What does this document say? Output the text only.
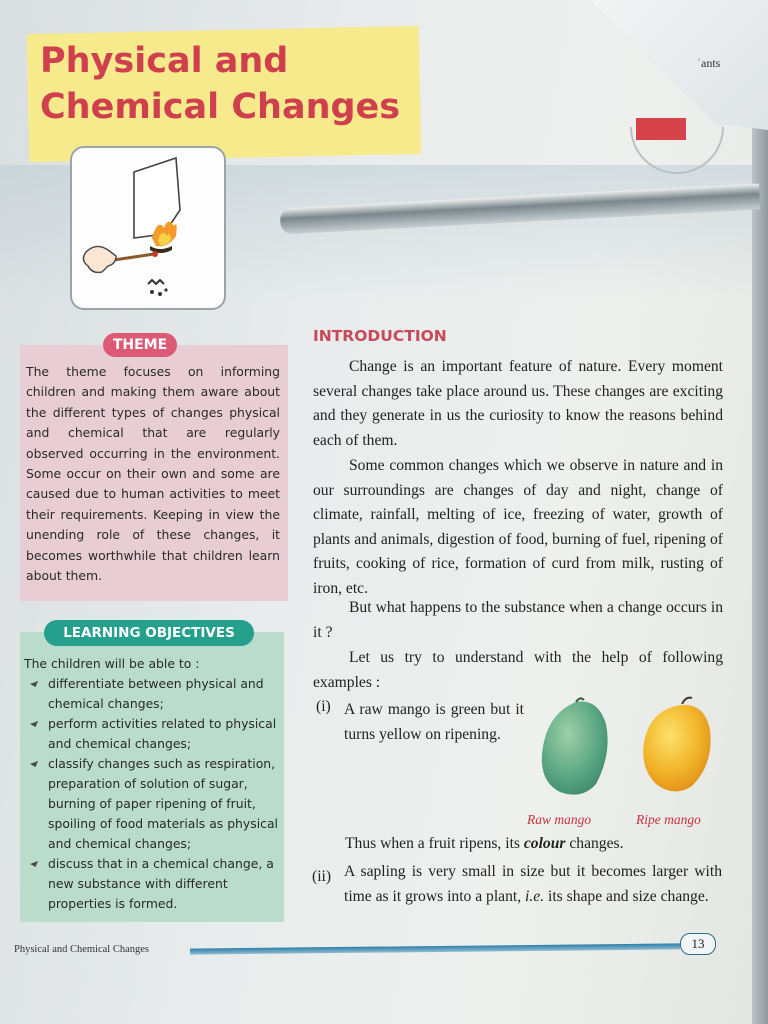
ˈants
Physical and
Chemical Changes
THEME
The theme focuses on informing children and making them aware about the different types of changes physical and chemical that are regularly observed occurring in the environment. Some occur on their own and some are caused due to human activities to meet their requirements. Keeping in view the unending role of these changes, it becomes worthwhile that children learn about them.
LEARNING OBJECTIVES
The children will be able to :
differentiate between physical and chemical changes;
perform activities related to physical and chemical changes;
classify changes such as respiration, preparation of solution of sugar, burning of paper ripening of fruit, spoiling of food materials as physical and chemical changes;
discuss that in a chemical change, a new substance with different properties is formed.
INTRODUCTION
Change is an important feature of nature. Every moment several changes take place around us. These changes are exciting and they generate in us the curiosity to know the reasons behind each of them.
Some common changes which we observe in nature and in our surroundings are changes of day and night, change of climate, rainfall, melting of ice, freezing of water, growth of plants and animals, digestion of food, burning of fuel, ripening of fruits, cooking of rice, formation of curd from milk, rusting of iron, etc.
But what happens to the substance when a change occurs in it ?
Let us try to understand with the help of following examples :
(i) A raw mango is green but it turns yellow on ripening.
Raw mango	Ripe mango
Thus when a fruit ripens, its colour changes.
(ii) A sapling is very small in size but it becomes larger with time as it grows into a plant, i.e. its shape and size change.
Physical and Chemical Changes	13
